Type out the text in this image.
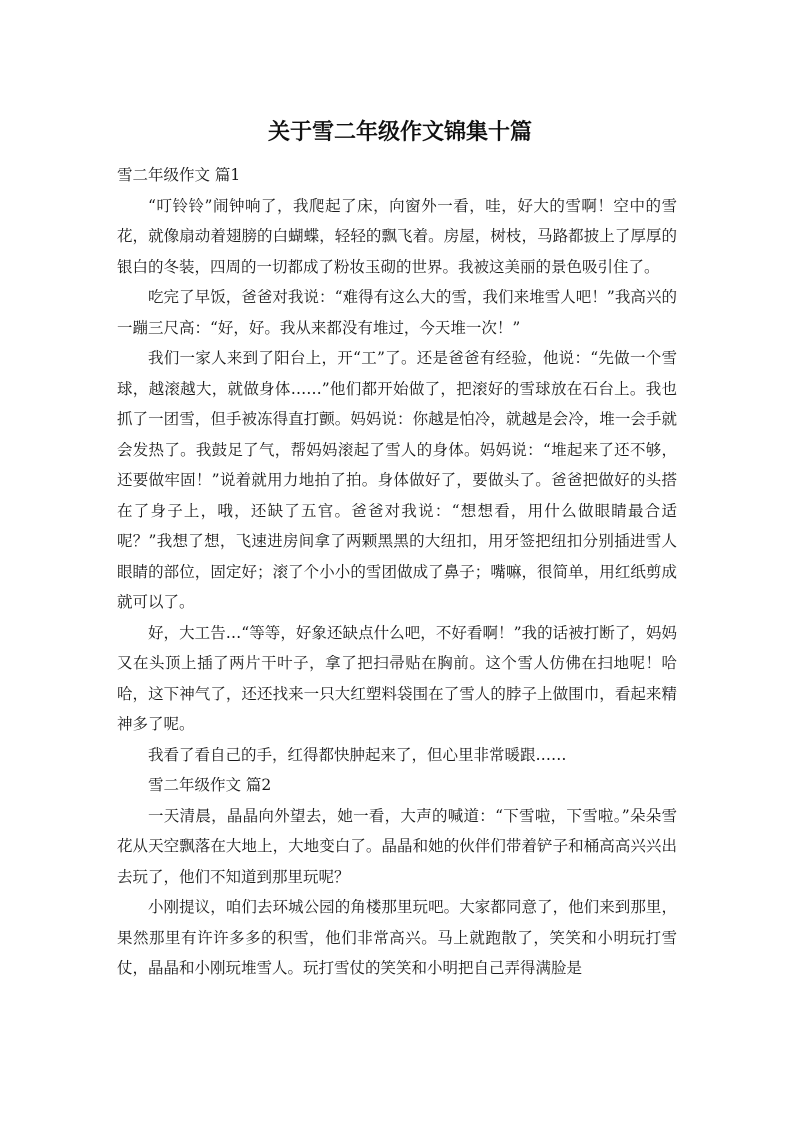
关于雪二年级作文锦集十篇

雪二年级作文 篇1

“叮铃铃”闹钟响了，我爬起了床，向窗外一看，哇，好大的雪啊！空中的雪花，就像扇动着翅膀的白蝴蝶，轻轻的飘飞着。房屋，树枝，马路都披上了厚厚的银白的冬装，四周的一切都成了粉妆玉砌的世界。我被这美丽的景色吸引住了。

吃完了早饭，爸爸对我说：“难得有这么大的雪，我们来堆雪人吧！”我高兴的一蹦三尺高：“好，好。我从来都没有堆过，今天堆一次！”

我们一家人来到了阳台上，开“工”了。还是爸爸有经验，他说：“先做一个雪球，越滚越大，就做身体……”他们都开始做了，把滚好的雪球放在石台上。我也抓了一团雪，但手被冻得直打颤。妈妈说：你越是怕冷，就越是会冷，堆一会手就会发热了。我鼓足了气，帮妈妈滚起了雪人的身体。妈妈说：“堆起来了还不够，还要做牢固！”说着就用力地拍了拍。身体做好了，要做头了。爸爸把做好的头搭在了身子上，哦，还缺了五官。爸爸对我说：“想想看，用什么做眼睛最合适呢？”我想了想，飞速进房间拿了两颗黑黑的大纽扣，用牙签把纽扣分别插进雪人眼睛的部位，固定好；滚了个小小的雪团做成了鼻子；嘴嘛，很简单，用红纸剪成就可以了。

好，大工告…“等等，好象还缺点什么吧，不好看啊！”我的话被打断了，妈妈又在头顶上插了两片干叶子，拿了把扫帚贴在胸前。这个雪人仿佛在扫地呢！哈哈，这下神气了，还还找来一只大红塑料袋围在了雪人的脖子上做围巾，看起来精神多了呢。

我看了看自己的手，红得都快肿起来了，但心里非常暖跟……

雪二年级作文 篇2

一天清晨，晶晶向外望去，她一看，大声的喊道：“下雪啦，下雪啦。”朵朵雪花从天空飘落在大地上，大地变白了。晶晶和她的伙伴们带着铲子和桶高高兴兴出去玩了，他们不知道到那里玩呢？

小刚提议，咱们去环城公园的角楼那里玩吧。大家都同意了，他们来到那里，果然那里有许许多多的积雪，他们非常高兴。马上就跑散了，笑笑和小明玩打雪仗，晶晶和小刚玩堆雪人。玩打雪仗的笑笑和小明把自己弄得满脸是
